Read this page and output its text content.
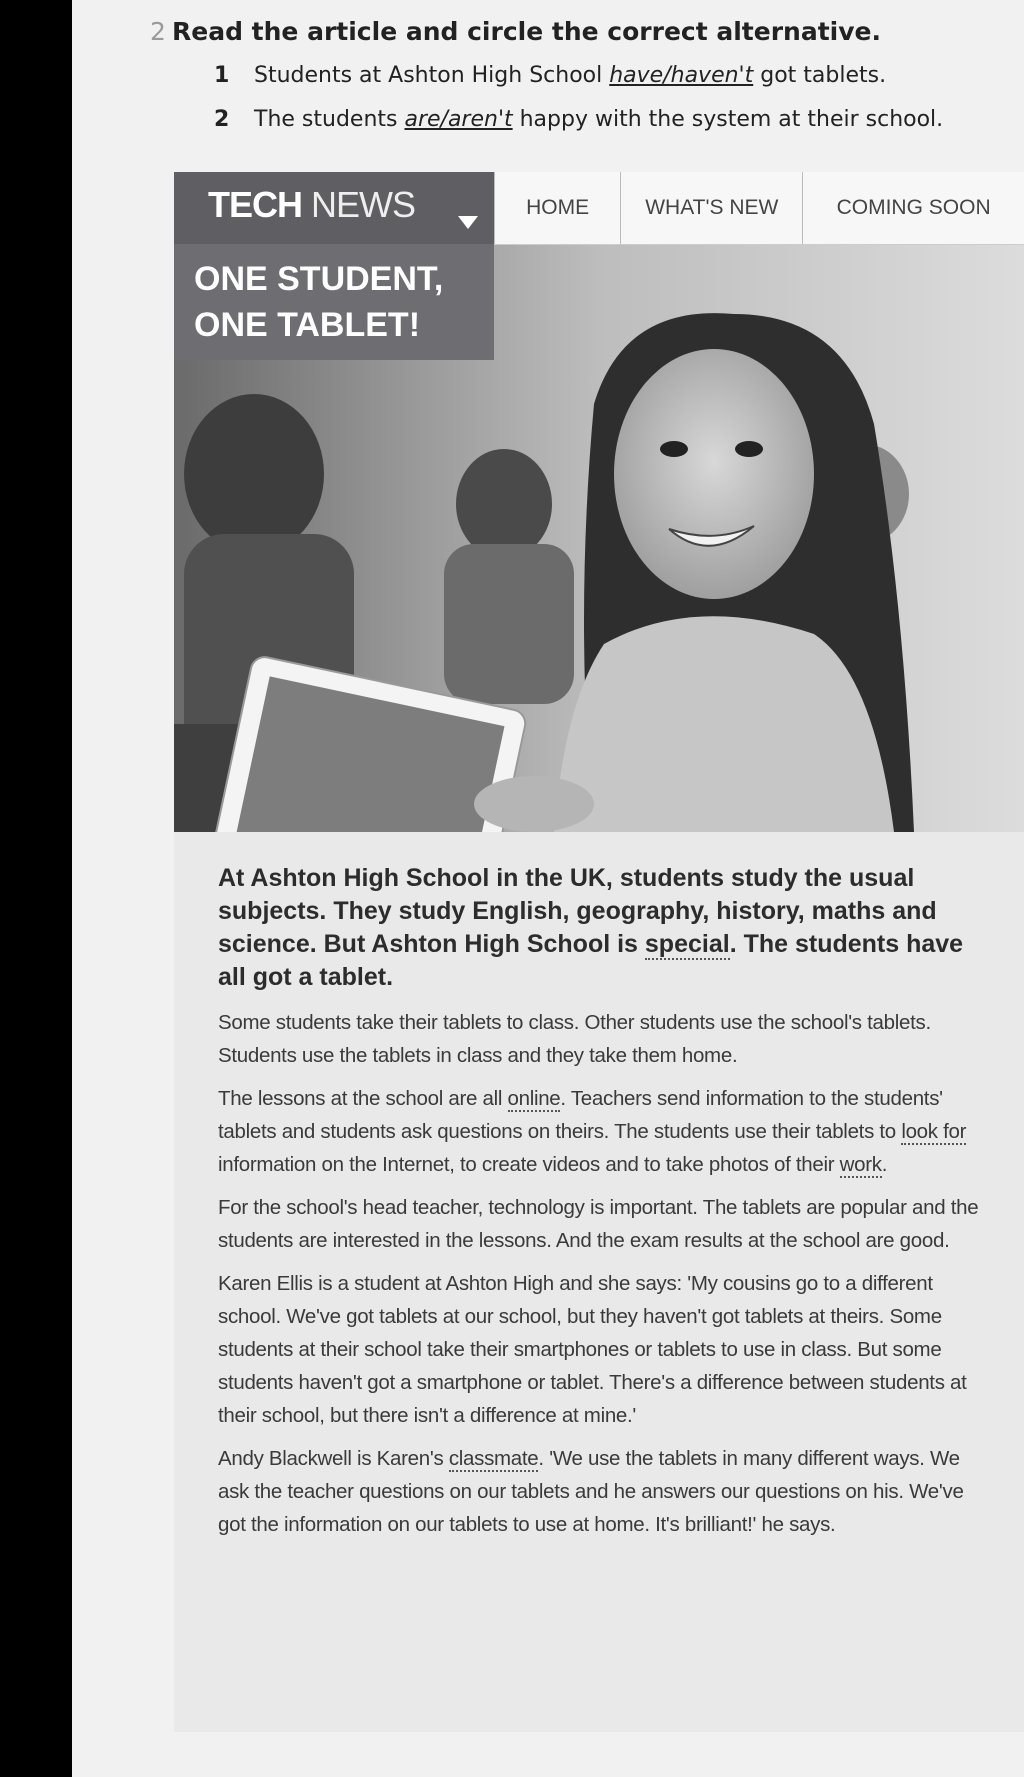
2 Read the article and circle the correct alternative.
1 Students at Ashton High School have/haven't got tablets.
2 The students are/aren't happy with the system at their school.
TECH NEWS	HOME	WHAT'S NEW	COMING SOON
ONE STUDENT,
ONE TABLET!

At Ashton High School in the UK, students study the usual subjects. They study English, geography, history, maths and science. But Ashton High School is special. The students have all got a tablet.

Some students take their tablets to class. Other students use the school's tablets. Students use the tablets in class and they take them home.

The lessons at the school are all online. Teachers send information to the students' tablets and students ask questions on theirs. The students use their tablets to look for information on the Internet, to create videos and to take photos of their work.

For the school's head teacher, technology is important. The tablets are popular and the students are interested in the lessons. And the exam results at the school are good.

Karen Ellis is a student at Ashton High and she says: 'My cousins go to a different school. We've got tablets at our school, but they haven't got tablets at theirs. Some students at their school take their smartphones or tablets to use in class. But some students haven't got a smartphone or tablet. There's a difference between students at their school, but there isn't a difference at mine.'

Andy Blackwell is Karen's classmate. 'We use the tablets in many different ways. We ask the teacher questions on our tablets and he answers our questions on his. We've got the information on our tablets to use at home. It's brilliant!' he says.
